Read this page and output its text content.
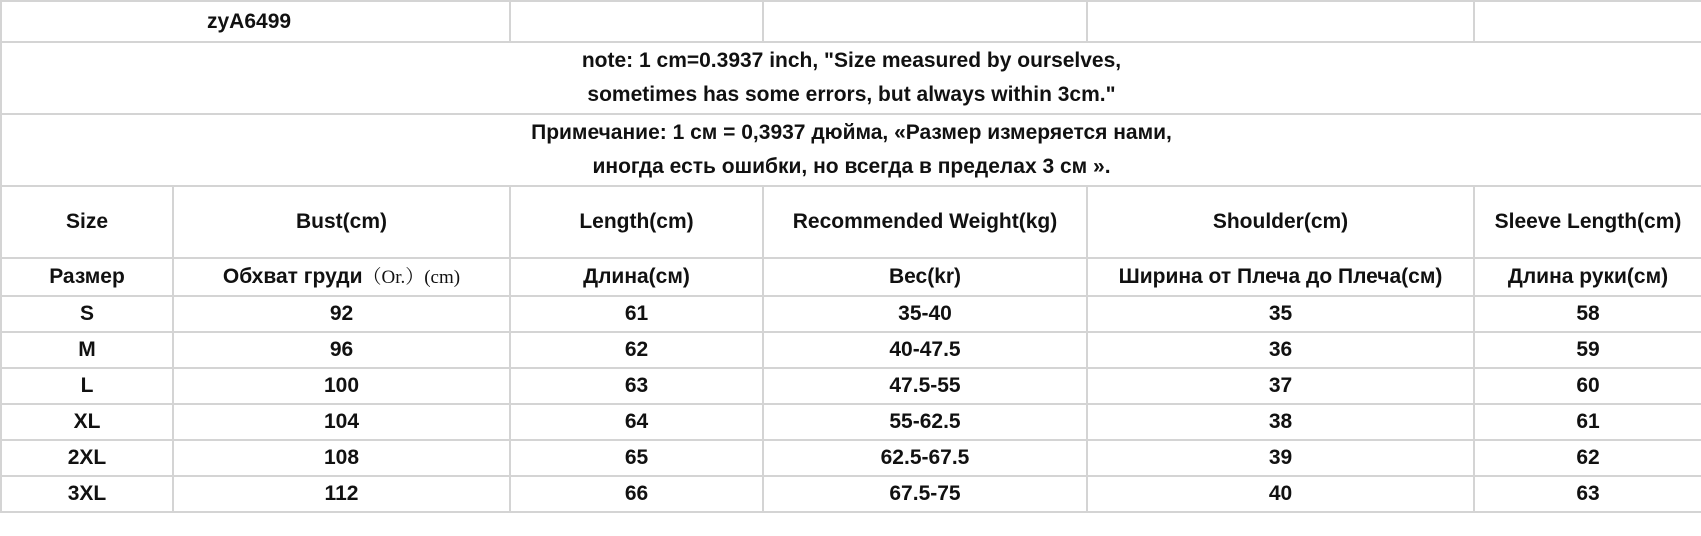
zyA6499					

note: 1 cm=0.3937 inch, "Size measured by ourselves,
sometimes has some errors, but always within 3cm."					

Примечание: 1 см = 0,3937 дюйма, «Размер измеряется нами,
иногда есть ошибки, но всегда в пределах 3 см ».					

Size	Bust(cm)	Length(cm)	Recommended Weight(kg)	Shoulder(cm)	Sleeve Length(cm)
Размер	Обхват груди（Or.）(cm)	Длина(см)	Вес(kr)	Ширина от Плеча до Плеча(см)	Длина руки(см)
S	92	61	35-40	35	58
M	96	62	40-47.5	36	59
L	100	63	47.5-55	37	60
XL	104	64	55-62.5	38	61
2XL	108	65	62.5-67.5	39	62
3XL	112	66	67.5-75	40	63
